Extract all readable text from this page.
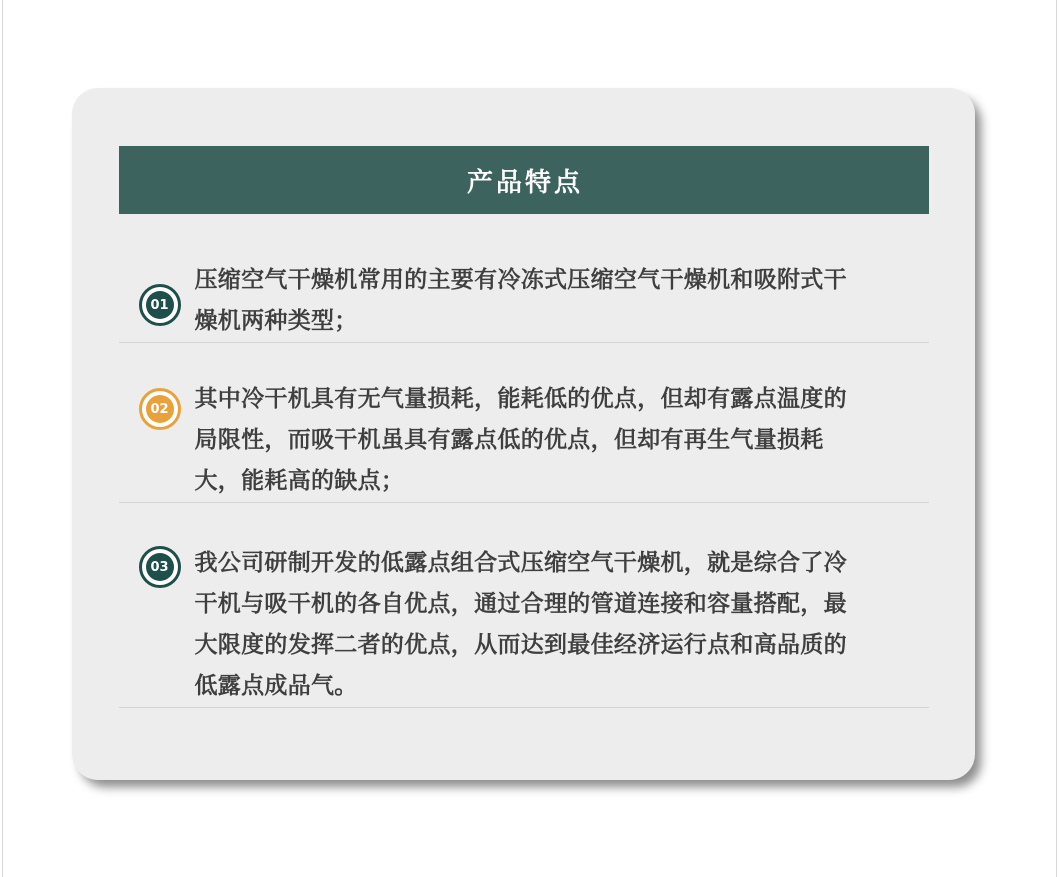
产品特点
01

压缩空气干燥机常用的主要有冷冻式压缩空气干燥机和吸附式干
燥机两种类型；

02 其中冷干机具有无气量损耗，能耗低的优点，但却有露点温度的
局限性，而吸干机虽具有露点低的优点，但却有再生气量损耗
大，能耗高的缺点；

03 我公司研制开发的低露点组合式压缩空气干燥机，就是综合了冷
干机与吸干机的各自优点，通过合理的管道连接和容量搭配，最
大限度的发挥二者的优点，从而达到最佳经济运行点和高品质的
低露点成品气。
